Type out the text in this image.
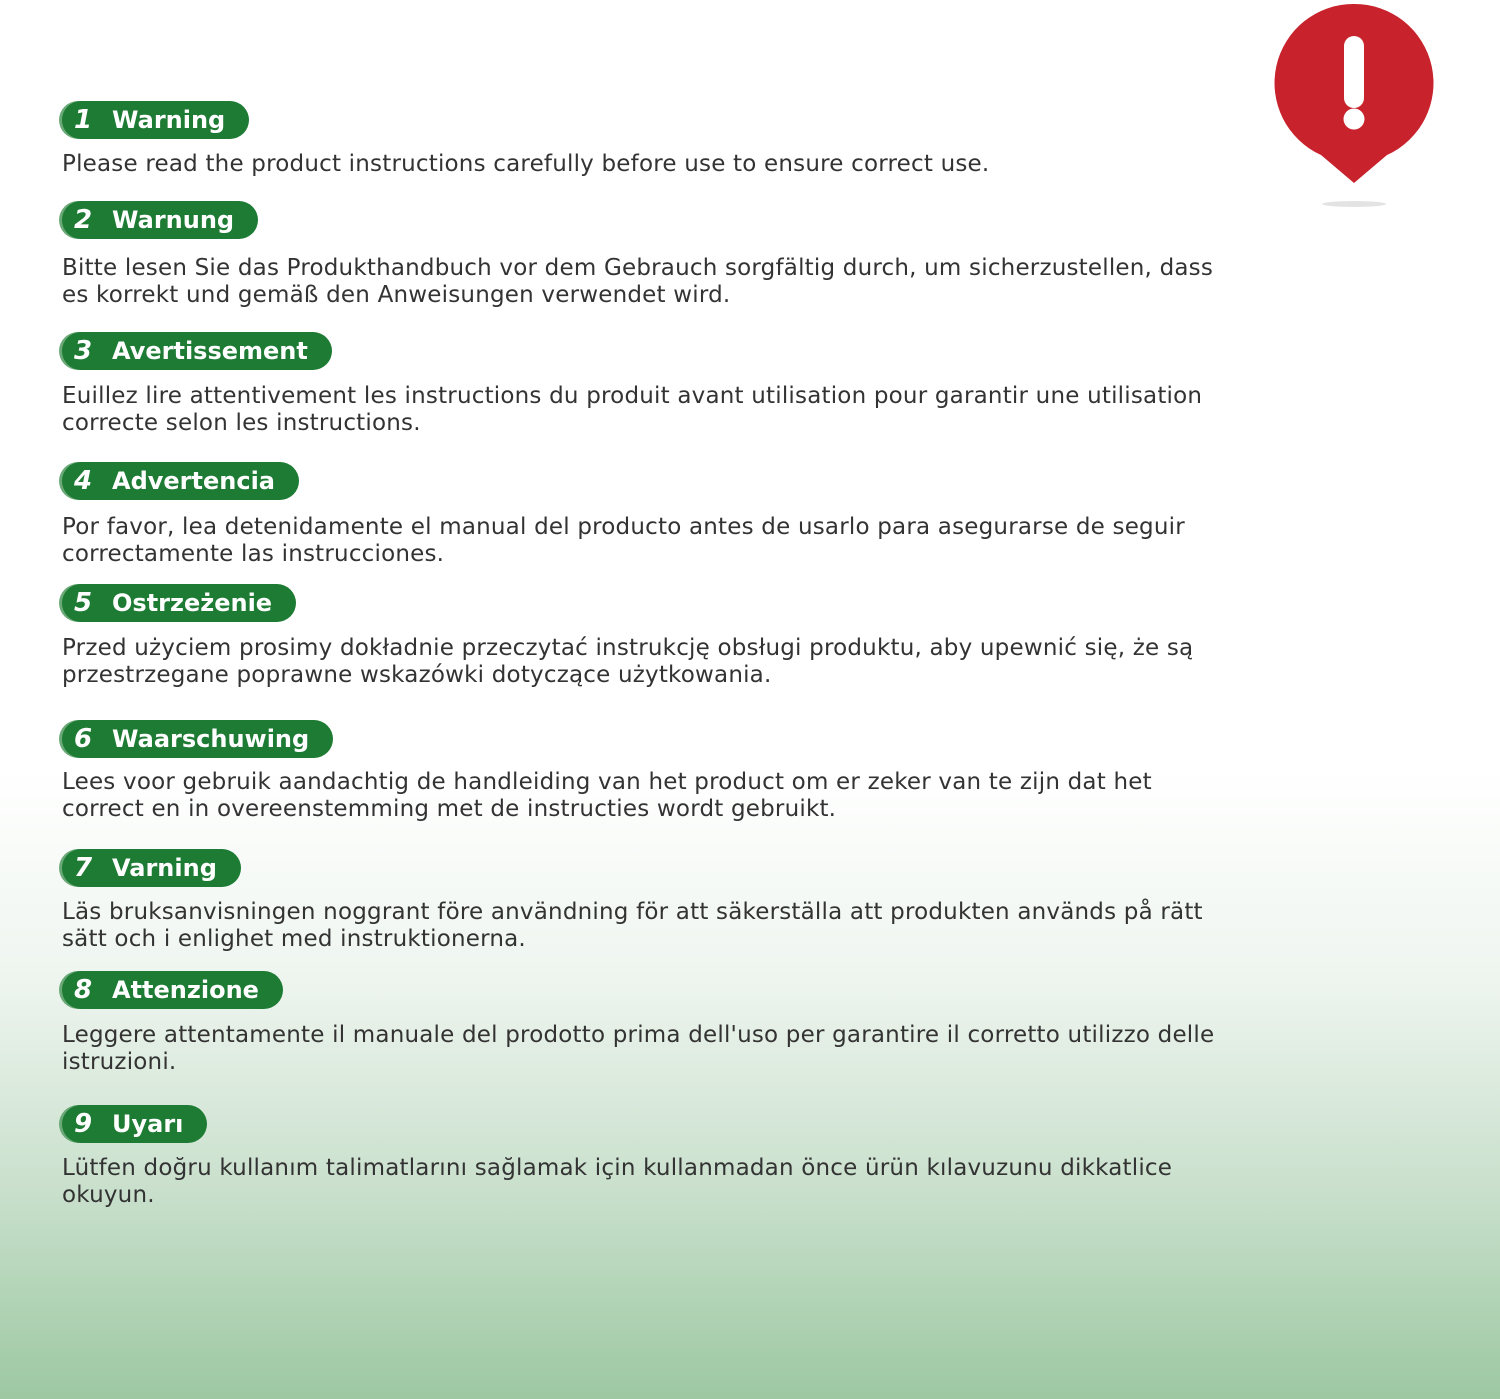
1 Warning

Please read the product instructions carefully before use to ensure correct use.

2 Warnung

Bitte lesen Sie das Produkthandbuch vor dem Gebrauch sorgfältig durch, um sicherzustellen, dass es korrekt und gemäß den Anweisungen verwendet wird.

3 Avertissement

Euillez lire attentivement les instructions du produit avant utilisation pour garantir une utilisation correcte selon les instructions.

4 Advertencia

Por favor, lea detenidamente el manual del producto antes de usarlo para asegurarse de seguir correctamente las instrucciones.

5 Ostrzeżenie

Przed użyciem prosimy dokładnie przeczytać instrukcję obsługi produktu, aby upewnić się, że są przestrzegane poprawne wskazówki dotyczące użytkowania.

6 Waarschuwing

Lees voor gebruik aandachtig de handleiding van het product om er zeker van te zijn dat het correct en in overeenstemming met de instructies wordt gebruikt.

7 Varning

Läs bruksanvisningen noggrant före användning för att säkerställa att produkten används på rätt sätt och i enlighet med instruktionerna.

8 Attenzione

Leggere attentamente il manuale del prodotto prima dell'uso per garantire il corretto utilizzo delle istruzioni.

9 Uyarı

Lütfen doğru kullanım talimatlarını sağlamak için kullanmadan önce ürün kılavuzunu dikkatlice okuyun.
